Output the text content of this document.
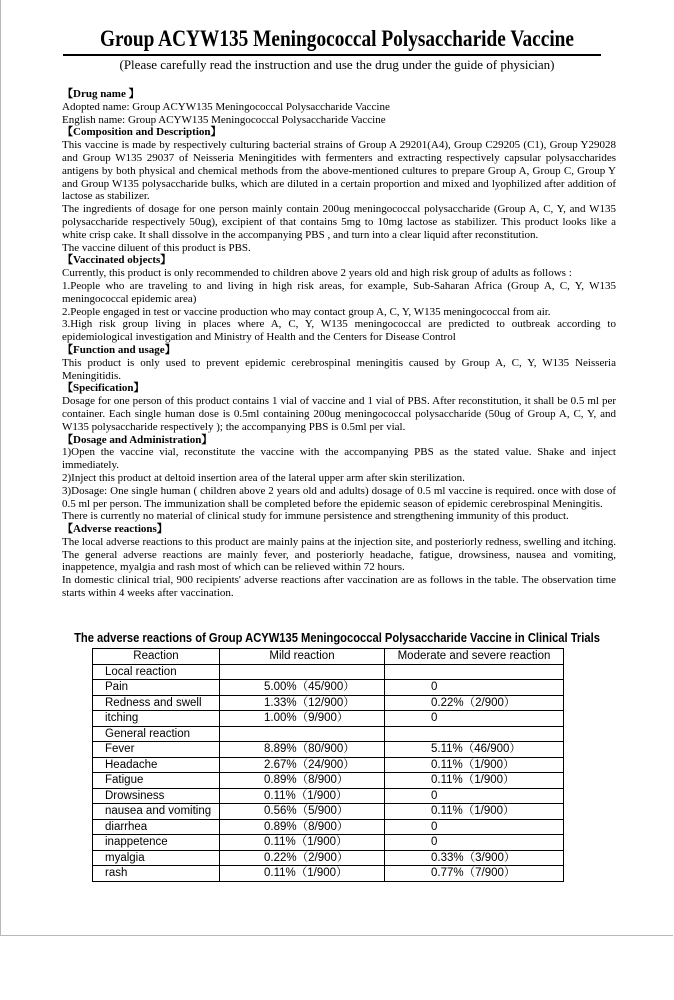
Group ACYW135 Meningococcal Polysaccharide Vaccine
(Please carefully read the instruction and use the drug under the guide of physician)

【Drug name 】

Adopted name: Group ACYW135 Meningococcal Polysaccharide Vaccine

English name: Group ACYW135 Meningococcal Polysaccharide Vaccine

【Composition and Description】

This vaccine is made by respectively culturing bacterial strains of Group A 29201(A4), Group C29205 (C1), Group Y29028 and Group W135 29037 of Neisseria Meningitides with fermenters and extracting respectively capsular polysaccharides antigens by both physical and chemical methods from the above-mentioned cultures to prepare Group A, Group C, Group Y and Group W135 polysaccharide bulks, which are diluted in a certain proportion and mixed and lyophilized after addition of lactose as stabilizer.

The ingredients of dosage for one person mainly contain 200ug meningococcal polysaccharide (Group A, C, Y, and W135 polysaccharide respectively 50ug), excipient of that contains 5mg to 10mg lactose as stabilizer. This product looks like a white crisp cake. It shall dissolve in the accompanying PBS , and turn into a clear liquid after reconstitution.

The vaccine diluent of this product is PBS.

【Vaccinated objects】

Currently, this product is only recommended to children above 2 years old and high risk group of adults as follows :

1.People who are traveling to and living in high risk areas, for example, Sub-Saharan Africa (Group A, C, Y, W135 meningococcal epidemic area)

2.People engaged in test or vaccine production who may contact group A, C, Y, W135 meningococcal from air.

3.High risk group living in places where A, C, Y, W135 meningococcal are predicted to outbreak according to epidemiological investigation and Ministry of Health and the Centers for Disease Control

【Function and usage】

This product is only used to prevent epidemic cerebrospinal meningitis caused by Group A, C, Y, W135 Neisseria Meningitidis.

【Specification】

Dosage for one person of this product contains 1 vial of vaccine and 1 vial of PBS. After reconstitution, it shall be 0.5 ml per container. Each single human dose is 0.5ml containing 200ug meningococcal polysaccharide (50ug of Group A, C, Y, and W135 polysaccharide respectively ); the accompanying PBS is 0.5ml per vial.

【Dosage and Administration】

1)Open the vaccine vial, reconstitute the vaccine with the accompanying PBS as the stated value. Shake and inject immediately.

2)Inject this product at deltoid insertion area of the lateral upper arm after skin sterilization.

3)Dosage: One single human ( children above 2 years old and adults) dosage of 0.5 ml vaccine is required. once with dose of 0.5 ml per person. The immunization shall be completed before the epidemic season of epidemic cerebrospinal Meningitis.

There is currently no material of clinical study for immune persistence and strengthening immunity of this product.

【Adverse reactions】

The local adverse reactions to this product are mainly pains at the injection site, and posteriorly redness, swelling and itching. The general adverse reactions are mainly fever, and posteriorly headache, fatigue, drowsiness, nausea and vomiting, inappetence, myalgia and rash most of which can be relieved within 72 hours.

In domestic clinical trial, 900 recipients' adverse reactions after vaccination are as follows in the table. The observation time starts within 4 weeks after vaccination.

The adverse reactions of Group ACYW135 Meningococcal Polysaccharide Vaccine in Clinical Trials
Reaction	Mild reaction	Moderate and severe reaction
Local reaction		
Pain	5.00%（45/900）	0
Redness and swell	1.33%（12/900）	0.22%（2/900）
itching	1.00%（9/900）	0
General reaction		
Fever	8.89%（80/900）	5.11%（46/900）
Headache	2.67%（24/900）	0.11%（1/900）
Fatigue	0.89%（8/900）	0.11%（1/900）
Drowsiness	0.11%（1/900）	0
nausea and vomiting	0.56%（5/900）	0.11%（1/900）
diarrhea	0.89%（8/900）	0
inappetence	0.11%（1/900）	0
myalgia	0.22%（2/900）	0.33%（3/900）
rash	0.11%（1/900）	0.77%（7/900）
